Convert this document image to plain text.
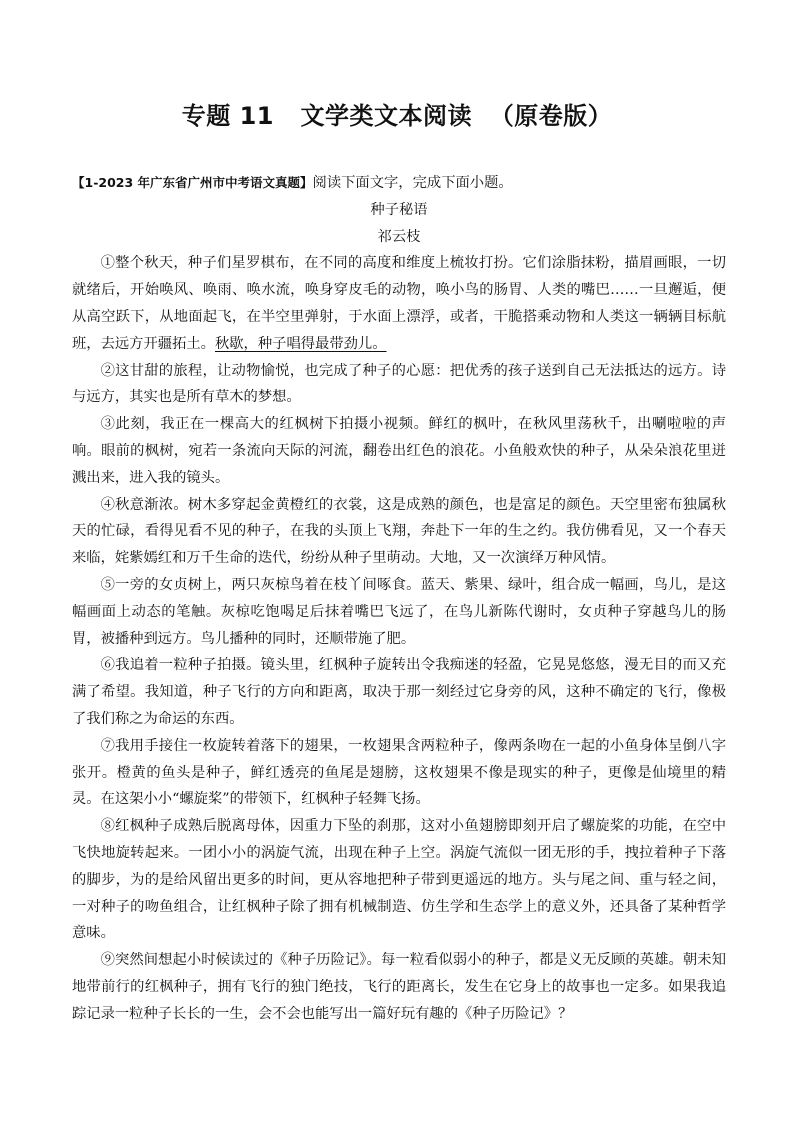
专题 11   文学类文本阅读  （原卷版）

【1-2023 年广东省广州市中考语文真题】阅读下面文字，完成下面小题。

种子秘语

祁云枝

①整个秋天，种子们星罗棋布，在不同的高度和维度上梳妆打扮。它们涂脂抹粉，描眉画眼，一切就绪后，开始唤风、唤雨、唤水流，唤身穿皮毛的动物，唤小鸟的肠胃、人类的嘴巴……一旦邂逅，便从高空跃下，从地面起飞，在半空里弹射，于水面上漂浮，或者，干脆搭乘动物和人类这一辆辆目标航班，去远方开疆拓土。秋歇，种子唱得最带劲儿。

②这甘甜的旅程，让动物愉悦，也完成了种子的心愿：把优秀的孩子送到自己无法抵达的远方。诗与远方，其实也是所有草木的梦想。

③此刻，我正在一棵高大的红枫树下拍摄小视频。鲜红的枫叶，在秋风里荡秋千，出唰啦啦的声响。眼前的枫树，宛若一条流向天际的河流，翻卷出红色的浪花。小鱼般欢快的种子，从朵朵浪花里迸溅出来，进入我的镜头。

④秋意渐浓。树木多穿起金黄橙红的衣裳，这是成熟的颜色，也是富足的颜色。天空里密布独属秋天的忙碌，看得见看不见的种子，在我的头顶上飞翔，奔赴下一年的生之约。我仿佛看见，又一个春天来临，姹紫嫣红和万千生命的迭代，纷纷从种子里萌动。大地，又一次演绎万种风情。

⑤一旁的女贞树上，两只灰椋鸟着在枝丫间啄食。蓝天、紫果、绿叶，组合成一幅画，鸟儿，是这幅画面上动态的笔触。灰椋吃饱喝足后抹着嘴巴飞远了，在鸟儿新陈代谢时，女贞种子穿越鸟儿的肠胃，被播种到远方。鸟儿播种的同时，还顺带施了肥。

⑥我追着一粒种子拍摄。镜头里，红枫种子旋转出令我痴迷的轻盈，它晃晃悠悠，漫无目的而又充满了希望。我知道，种子飞行的方向和距离，取决于那一刻经过它身旁的风，这种不确定的飞行，像极了我们称之为命运的东西。

⑦我用手接住一枚旋转着落下的翅果，一枚翅果含两粒种子，像两条吻在一起的小鱼身体呈倒八字张开。橙黄的鱼头是种子，鲜红透亮的鱼尾是翅膀，这枚翅果不像是现实的种子，更像是仙境里的精灵。在这架小小“螺旋桨”的带领下，红枫种子轻舞飞扬。

⑧红枫种子成熟后脱离母体，因重力下坠的刹那，这对小鱼翅膀即刻开启了螺旋桨的功能，在空中飞快地旋转起来。一团小小的涡旋气流，出现在种子上空。涡旋气流似一团无形的手，拽拉着种子下落的脚步，为的是给风留出更多的时间，更从容地把种子带到更遥远的地方。头与尾之间、重与轻之间，一对种子的吻鱼组合，让红枫种子除了拥有机械制造、仿生学和生态学上的意义外，还具备了某种哲学意味。

⑨突然间想起小时候读过的《种子历险记》。每一粒看似弱小的种子，都是义无反顾的英雄。朝未知地带前行的红枫种子，拥有飞行的独门绝技，飞行的距离长，发生在它身上的故事也一定多。如果我追踪记录一粒种子长长的一生，会不会也能写出一篇好玩有趣的《种子历险记》？
